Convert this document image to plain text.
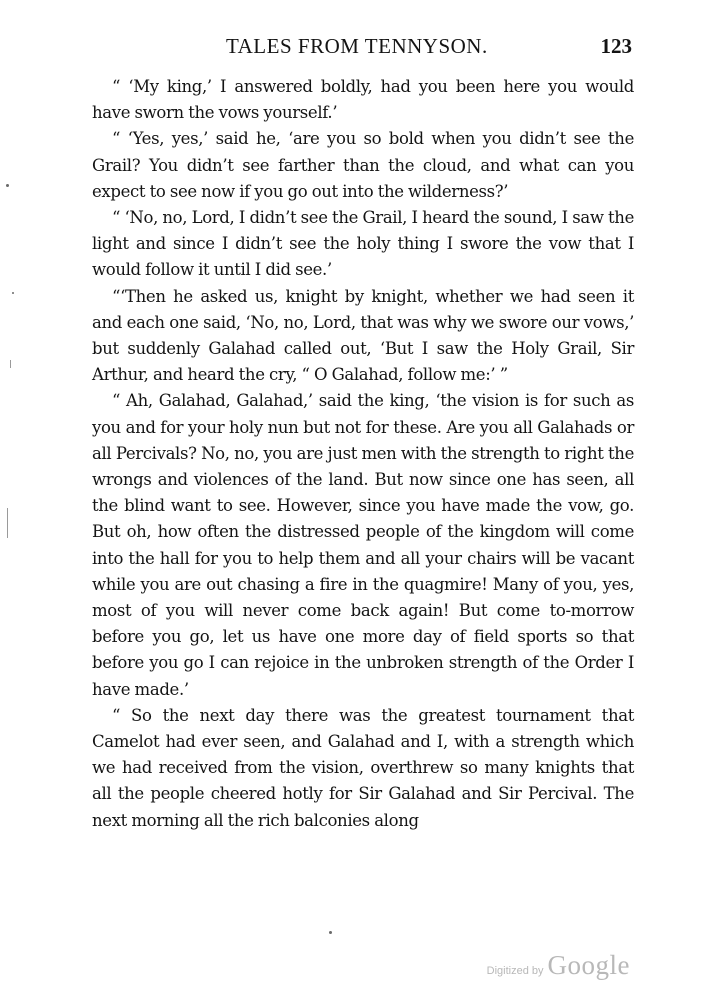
TALES FROM TENNYSON.	123

“ ‘My king,’ I answered boldly, had you been here you would have sworn the vows yourself.’

“ ‘Yes, yes,’ said he, ‘are you so bold when you didn’t see the Grail? You didn’t see farther than the cloud, and what can you expect to see now if you go out into the wilderness?’

“ ‘No, no, Lord, I didn’t see the Grail, I heard the sound, I saw the light and since I didn’t see the holy thing I swore the vow that I would follow it until I did see.’

“‘Then he asked us, knight by knight, whether we had seen it and each one said, ‘No, no, Lord, that was why we swore our vows,’ but suddenly Galahad called out, ‘But I saw the Holy Grail, Sir Arthur, and heard the cry, “ O Galahad, follow me:’ ”

“ Ah, Galahad, Galahad,’ said the king, ‘the vision is for such as you and for your holy nun but not for these. Are you all Galahads or all Percivals? No, no, you are just men with the strength to right the wrongs and violences of the land. But now since one has seen, all the blind want to see. However, since you have made the vow, go. But oh, how often the distressed people of the kingdom will come into the hall for you to help them and all your chairs will be vacant while you are out chasing a fire in the quagmire! Many of you, yes, most of you will never come back again! But come to-morrow before you go, let us have one more day of field sports so that before you go I can rejoice in the unbroken strength of the Order I have made.’

“ So the next day there was the greatest tournament that Camelot had ever seen, and Galahad and I, with a strength which we had received from the vision, overthrew so many knights that all the people cheered hotly for Sir Galahad and Sir Percival. The next morning all the rich balconies along

Digitized by Google
